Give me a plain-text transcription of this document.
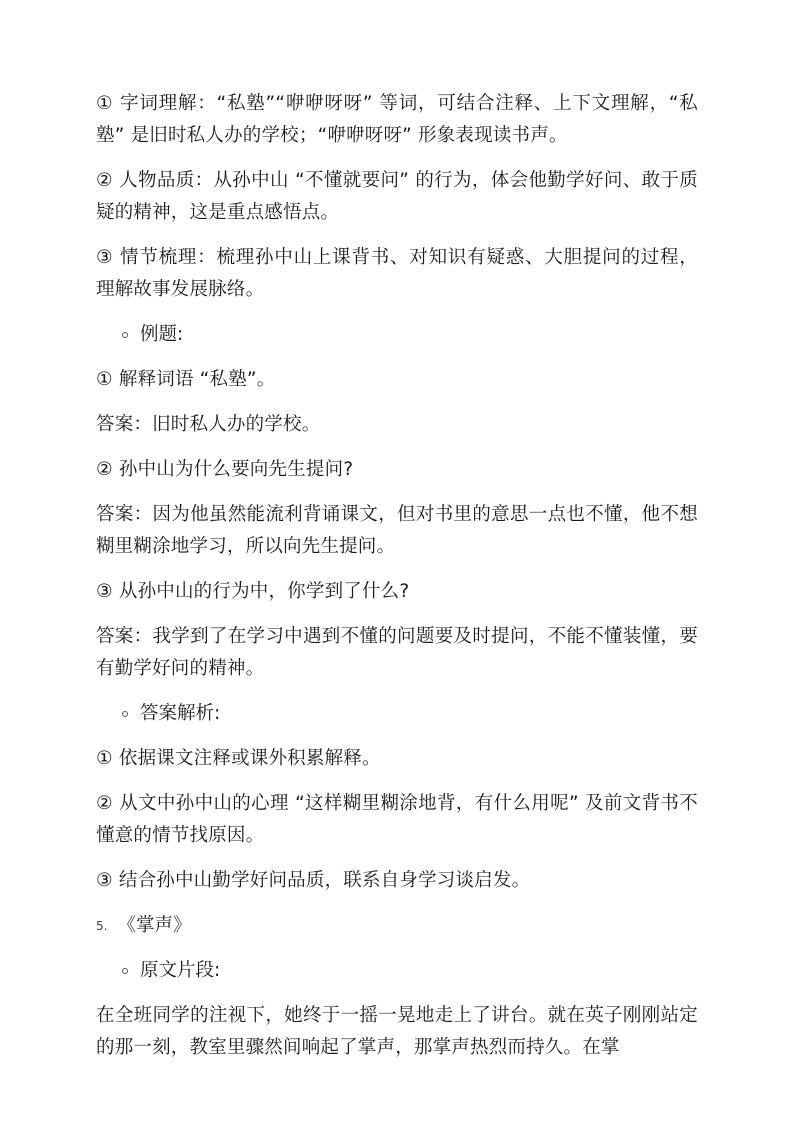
① 字词理解：“私塾”“咿咿呀呀” 等词，可结合注释、上下文理解，“私塾” 是旧时私人办的学校；“咿咿呀呀” 形象表现读书声。

② 人物品质：从孙中山 “不懂就要问” 的行为，体会他勤学好问、敢于质疑的精神，这是重点感悟点。

③ 情节梳理：梳理孙中山上课背书、对知识有疑惑、大胆提问的过程，理解故事发展脉络。

例题:

① 解释词语 “私塾”。

答案：旧时私人办的学校。

② 孙中山为什么要向先生提问?

答案：因为他虽然能流利背诵课文，但对书里的意思一点也不懂，他不想糊里糊涂地学习，所以向先生提问。

③ 从孙中山的行为中，你学到了什么?

答案：我学到了在学习中遇到不懂的问题要及时提问，不能不懂装懂，要有勤学好问的精神。

答案解析:

① 依据课文注释或课外积累解释。

② 从文中孙中山的心理 “这样糊里糊涂地背，有什么用呢” 及前文背书不懂意的情节找原因。

③ 结合孙中山勤学好问品质，联系自身学习谈启发。

5. 《掌声》
原文片段:

在全班同学的注视下，她终于一摇一晃地走上了讲台。就在英子刚刚站定的那一刻，教室里骤然间响起了掌声，那掌声热烈而持久。在掌
